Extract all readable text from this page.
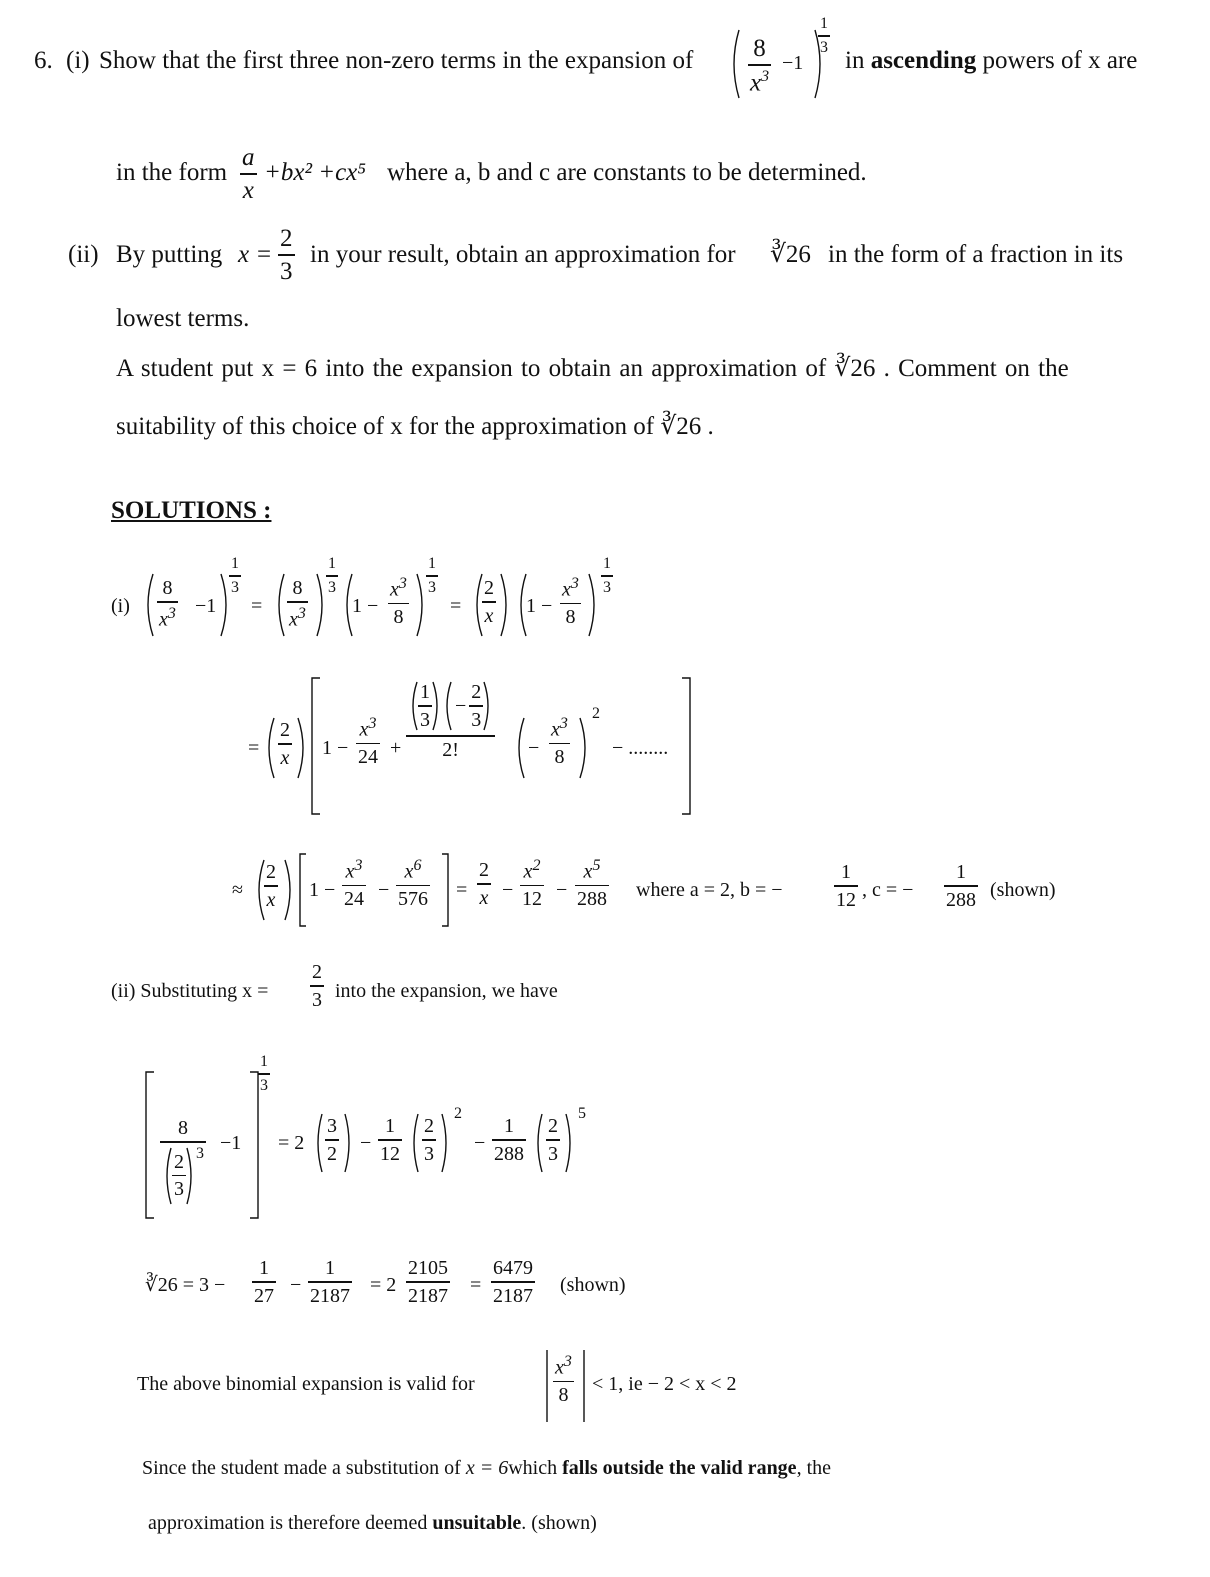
6. (i) Show that the first three non-zero terms in the expansion of 8
$x^3$
−1
1
3 in ascending powers of x are
in the form
a
x
+bx² +cx⁵ where a, b and c are constants to be determined.
(ii) By putting x =
2
3
in your result, obtain an approximation for ∛26 in the form of a fraction in its
lowest terms.
A student put x = 6 into the expansion to obtain an approximation of ∛26 . Comment on the
suitability of this choice of x for the approximation of ∛26 .
SOLUTIONS :
(i)
8
$x^3 -1$
1
3
=
8
$x^3$
1
3
1 −
$x^3$
8
1
3
=
2
x 1 −
$x^3$
8
1
3
=
2
x 1 −
$x^3$
24 +
$\frac{1}{3} - \frac{2}{3}$
2!	−
$x^3$
8
2
− ........
≈
2
x 1 −
$x^3$
24 −
$x^6$
576 =
2
x −
$x^2$
12 −
$x^5$
288 where a = 2, b = −
1
12 , c = −
1
288 (shown)
(ii) Substituting x =
2
3 into the expansion, we have
8
$\frac{2}{3} ^3 -1$
1
3
= 2
3
2 −
1
12
2
3
2
−
1
288
2
3
5
∛26 = 3 −
1
27 −
1
2187 = 2
2105
2187 =
6479
2187 (shown)
The above binomial expansion is valid for
$x^3$
8
< 1, ie − 2 < x < 2
Since the student made a substitution of x = 6which falls outside the valid range, the
approximation is therefore deemed unsuitable. (shown)
